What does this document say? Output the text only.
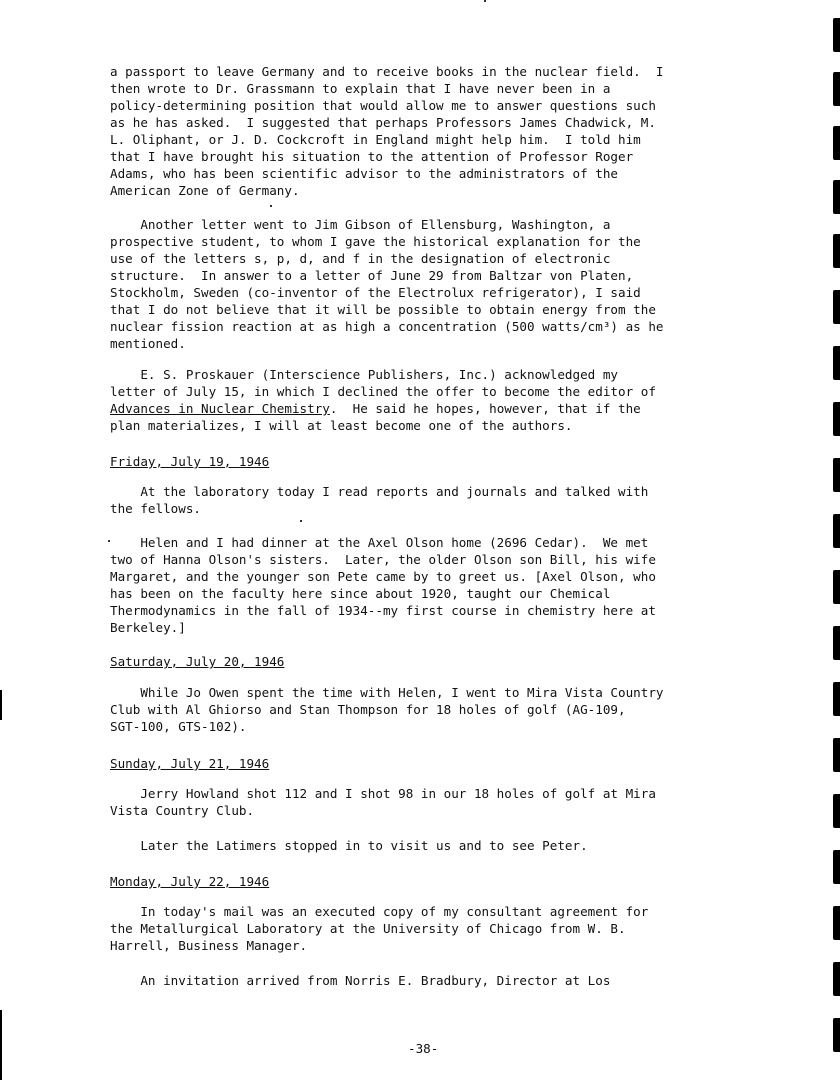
a passport to leave Germany and to receive books in the nuclear field.  I
then wrote to Dr. Grassmann to explain that I have never been in a
policy-determining position that would allow me to answer questions such
as he has asked.  I suggested that perhaps Professors James Chadwick, M.
L. Oliphant, or J. D. Cockcroft in England might help him.  I told him
that I have brought his situation to the attention of Professor Roger
Adams, who has been scientific advisor to the administrators of the
American Zone of Germany.
Another letter went to Jim Gibson of Ellensburg, Washington, a
prospective student, to whom I gave the historical explanation for the
use of the letters s, p, d, and f in the designation of electronic
structure.  In answer to a letter of June 29 from Baltzar von Platen,
Stockholm, Sweden (co-inventor of the Electrolux refrigerator), I said
that I do not believe that it will be possible to obtain energy from the
nuclear fission reaction at as high a concentration (500 watts/cm³) as he
mentioned.
E. S. Proskauer (Interscience Publishers, Inc.) acknowledged my
letter of July 15, in which I declined the offer to become the editor of
Advances in Nuclear Chemistry.  He said he hopes, however, that if the
plan materializes, I will at least become one of the authors.
Friday, July 19, 1946
At the laboratory today I read reports and journals and talked with
the fellows.
Helen and I had dinner at the Axel Olson home (2696 Cedar).  We met
two of Hanna Olson's sisters.  Later, the older Olson son Bill, his wife
Margaret, and the younger son Pete came by to greet us. [Axel Olson, who
has been on the faculty here since about 1920, taught our Chemical
Thermodynamics in the fall of 1934--my first course in chemistry here at
Berkeley.]
Saturday, July 20, 1946
While Jo Owen spent the time with Helen, I went to Mira Vista Country
Club with Al Ghiorso and Stan Thompson for 18 holes of golf (AG-109,
SGT-100, GTS-102).
Sunday, July 21, 1946
Jerry Howland shot 112 and I shot 98 in our 18 holes of golf at Mira
Vista Country Club.
Later the Latimers stopped in to visit us and to see Peter.
Monday, July 22, 1946
In today's mail was an executed copy of my consultant agreement for
the Metallurgical Laboratory at the University of Chicago from W. B.
Harrell, Business Manager.
An invitation arrived from Norris E. Bradbury, Director at Los
-38-
